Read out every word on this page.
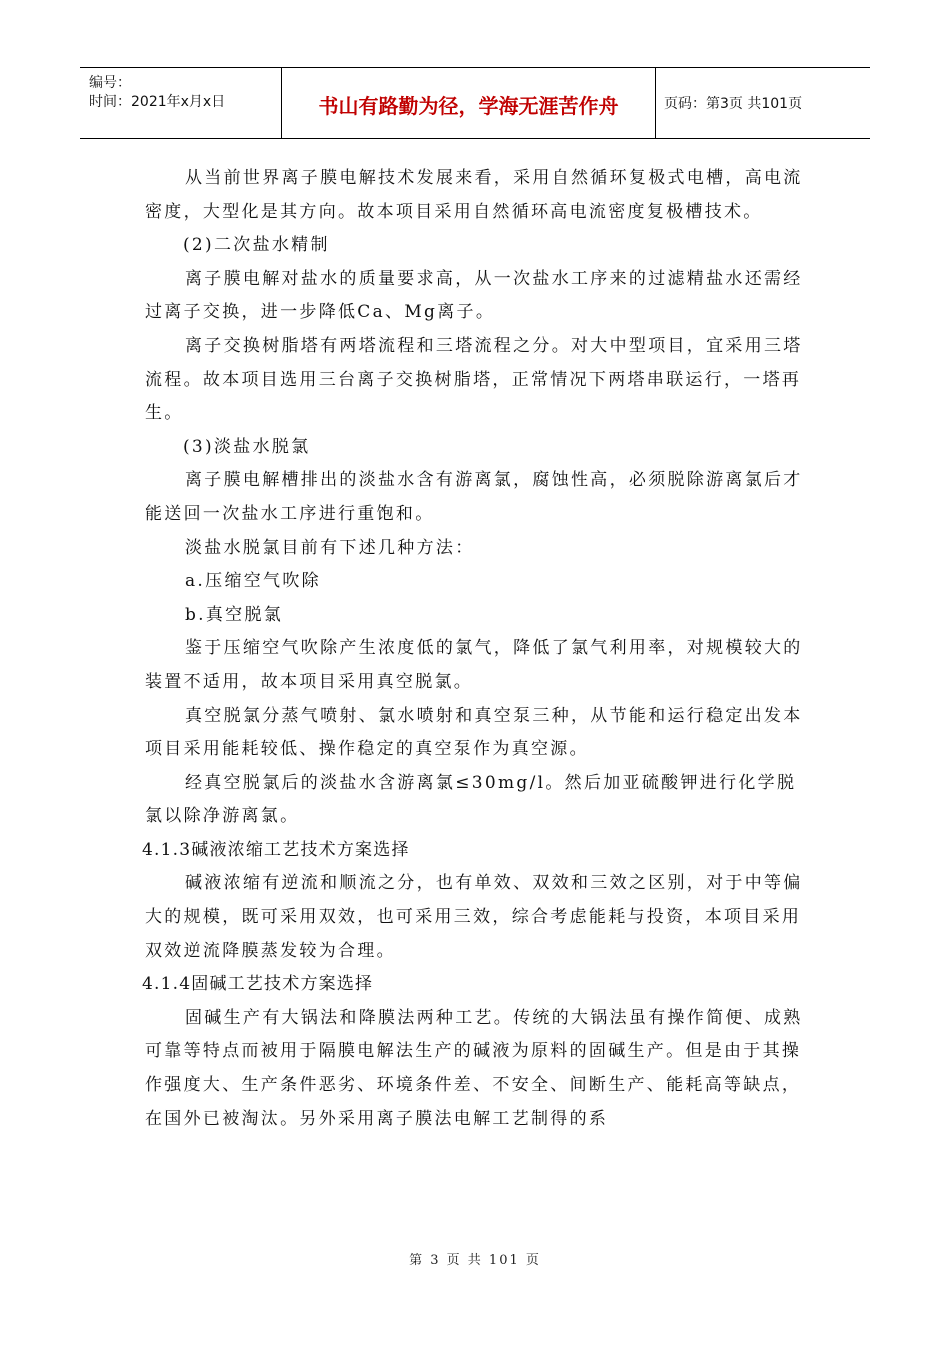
编号：
时间：2021年x月x日	书山有路勤为径，学海无涯苦作舟	页码：第3页 共101页

从当前世界离子膜电解技术发展来看，采用自然循环复极式电槽，高电流密度，大型化是其方向。故本项目采用自然循环高电流密度复极槽技术。

(2)二次盐水精制

离子膜电解对盐水的质量要求高，从一次盐水工序来的过滤精盐水还需经过离子交换，进一步降低Ca、Mg离子。

离子交换树脂塔有两塔流程和三塔流程之分。对大中型项目，宜采用三塔流程。故本项目选用三台离子交换树脂塔，正常情况下两塔串联运行，一塔再生。

(3)淡盐水脱氯

离子膜电解槽排出的淡盐水含有游离氯，腐蚀性高，必须脱除游离氯后才能送回一次盐水工序进行重饱和。

淡盐水脱氯目前有下述几种方法：

a.压缩空气吹除

b.真空脱氯

鉴于压缩空气吹除产生浓度低的氯气，降低了氯气利用率，对规模较大的装置不适用，故本项目采用真空脱氯。

真空脱氯分蒸气喷射、氯水喷射和真空泵三种，从节能和运行稳定出发本项目采用能耗较低、操作稳定的真空泵作为真空源。

经真空脱氯后的淡盐水含游离氯≤30mg/l。然后加亚硫酸钾进行化学脱氯以除净游离氯。

4.1.3碱液浓缩工艺技术方案选择

碱液浓缩有逆流和顺流之分，也有单效、双效和三效之区别，对于中等偏大的规模，既可采用双效，也可采用三效，综合考虑能耗与投资，本项目采用双效逆流降膜蒸发较为合理。

4.1.4固碱工艺技术方案选择

固碱生产有大锅法和降膜法两种工艺。传统的大锅法虽有操作简便、成熟可靠等特点而被用于隔膜电解法生产的碱液为原料的固碱生产。但是由于其操作强度大、生产条件恶劣、环境条件差、不安全、间断生产、能耗高等缺点，在国外已被淘汰。另外采用离子膜法电解工艺制得的系

第 3 页 共 101 页
